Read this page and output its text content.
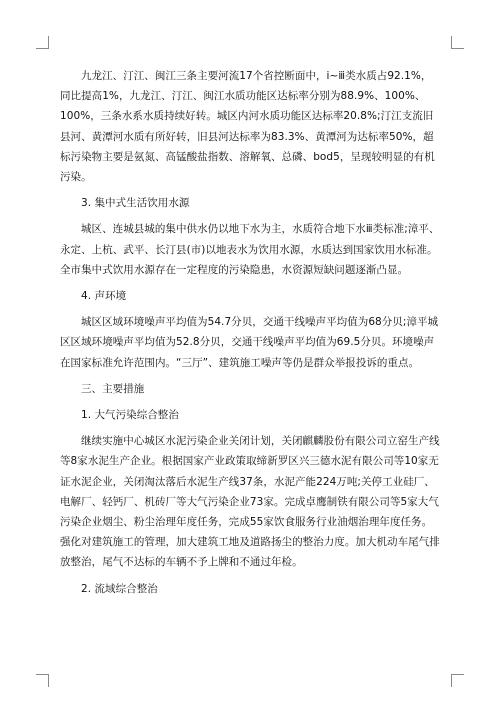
九龙江、汀江、闽江三条主要河流17个省控断面中，ⅰ~ⅲ类水质占92.1%，同比提高1%，九龙江、汀江、闽江水质功能区达标率分别为88.9%、100%、100%，三条水系水质持续好转。城区内河水质功能区达标率20.8%;汀江支流旧县河、黄潭河水质有所好转，旧县河达标率为83.3%、黄潭河为达标率50%，超标污染物主要是氨氮、高锰酸盐指数、溶解氧、总磷、bod5，呈现较明显的有机污染。

3. 集中式生活饮用水源

城区、连城县城的集中供水仍以地下水为主，水质符合地下水ⅲ类标准;漳平、永定、上杭、武平、长汀县(市)以地表水为饮用水源，水质达到国家饮用水标准。全市集中式饮用水源存在一定程度的污染隐患，水资源短缺问题逐渐凸显。

4. 声环境

城区区域环境噪声平均值为54.7分贝，交通干线噪声平均值为68分贝;漳平城区区域环境噪声平均值为52.8分贝，交通干线噪声平均值为69.5分贝。环境噪声在国家标准允许范围内。“三厅”、建筑施工噪声等仍是群众举报投诉的重点。

三、主要措施

1. 大气污染综合整治

继续实施中心城区水泥污染企业关闭计划，关闭麒麟股份有限公司立窑生产线等8家水泥生产企业。根据国家产业政策取缔新罗区兴三德水泥有限公司等10家无证水泥企业，关闭淘汰落后水泥生产线37条，水泥产能224万吨;关停工业硅厂、电解厂、轻钙厂、机砖厂等大气污染企业73家。完成卓鹰制铁有限公司等5家大气污染企业烟尘、粉尘治理年度任务，完成55家饮食服务行业油烟治理年度任务。强化对建筑施工的管理，加大建筑工地及道路扬尘的整治力度。加大机动车尾气排放整治，尾气不达标的车辆不予上牌和不通过年检。

2. 流域综合整治
